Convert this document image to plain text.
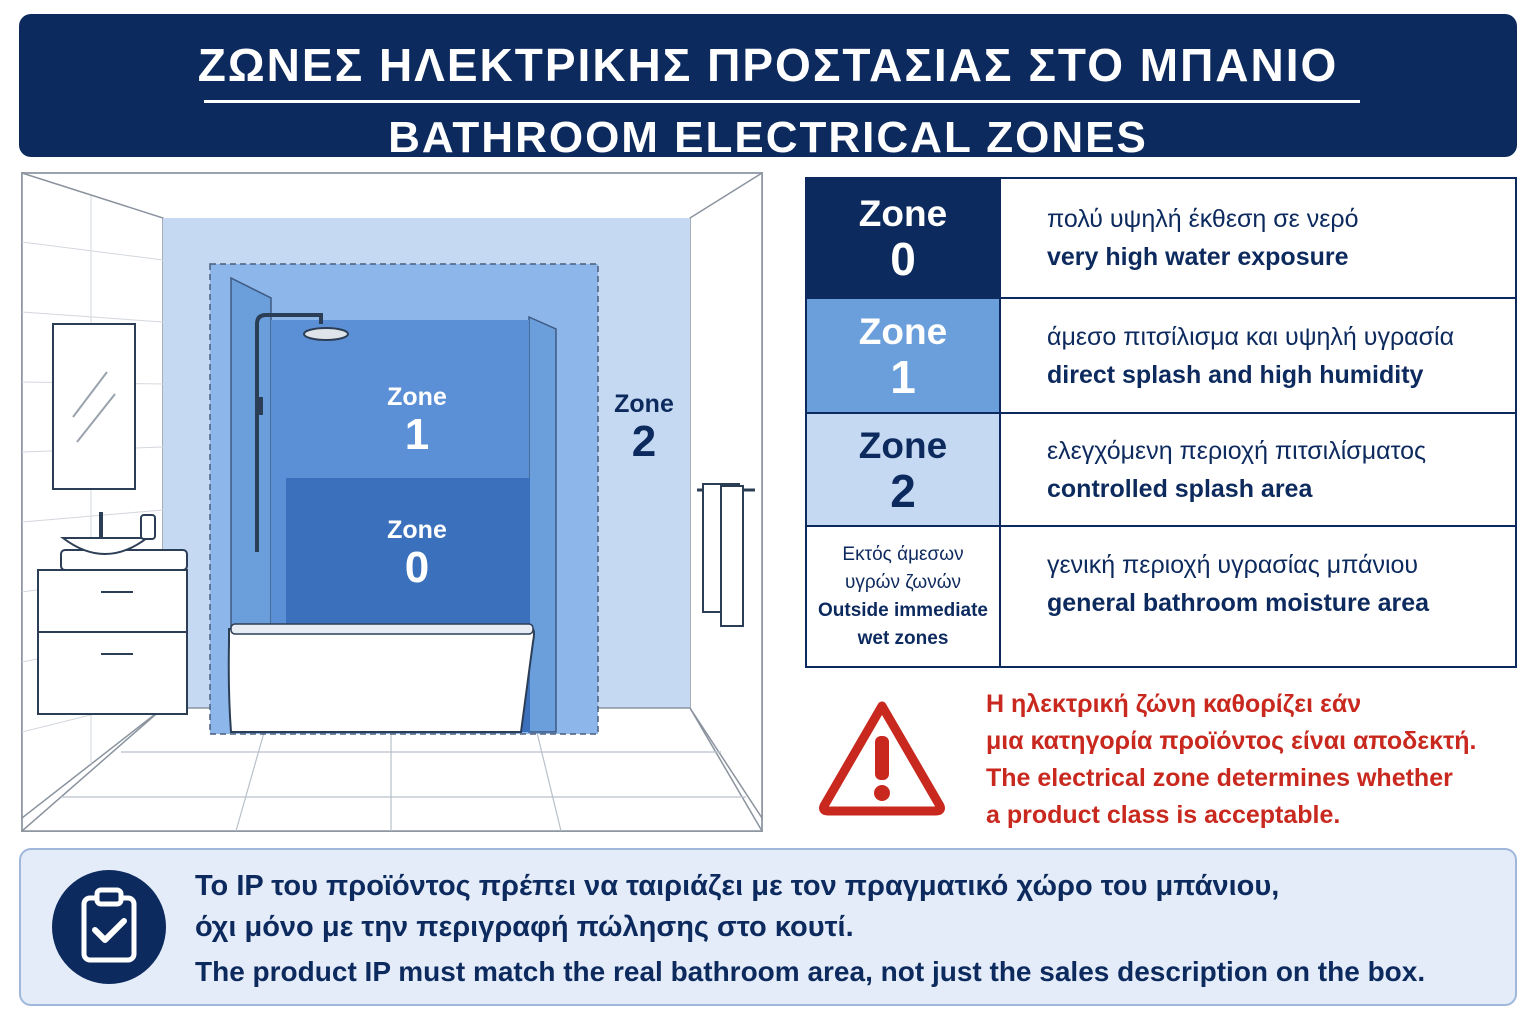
ΖΩΝΕΣ ΗΛΕΚΤΡΙΚΗΣ ΠΡΟΣΤΑΣΙΑΣ ΣΤΟ ΜΠΑΝΙΟ
BATHROOM ELECTRICAL ZONES
Zone
1
Zone
0
Zone
2
Zone
0
πολύ υψηλή έκθεση σε νερό
very high water exposure
Zone
1
άμεσο πιτσίλισμα και υψηλή υγρασία
direct splash and high humidity
Zone
2
ελεγχόμενη περιοχή πιτσιλίσματος
controlled splash area
Εκτός άμεσων
υγρών ζωνών
Outside immediate
wet zones
γενική περιοχή υγρασίας μπάνιου
general bathroom moisture area
Η ηλεκτρική ζώνη καθορίζει εάν
μια κατηγορία προϊόντος είναι αποδεκτή.
The electrical zone determines whether
a product class is acceptable.
Το IP του προϊόντος πρέπει να ταιριάζει με τον πραγματικό χώρο του μπάνιου,
όχι μόνο με την περιγραφή πώλησης στο κουτί.
The product IP must match the real bathroom area, not just the sales description on the box.
